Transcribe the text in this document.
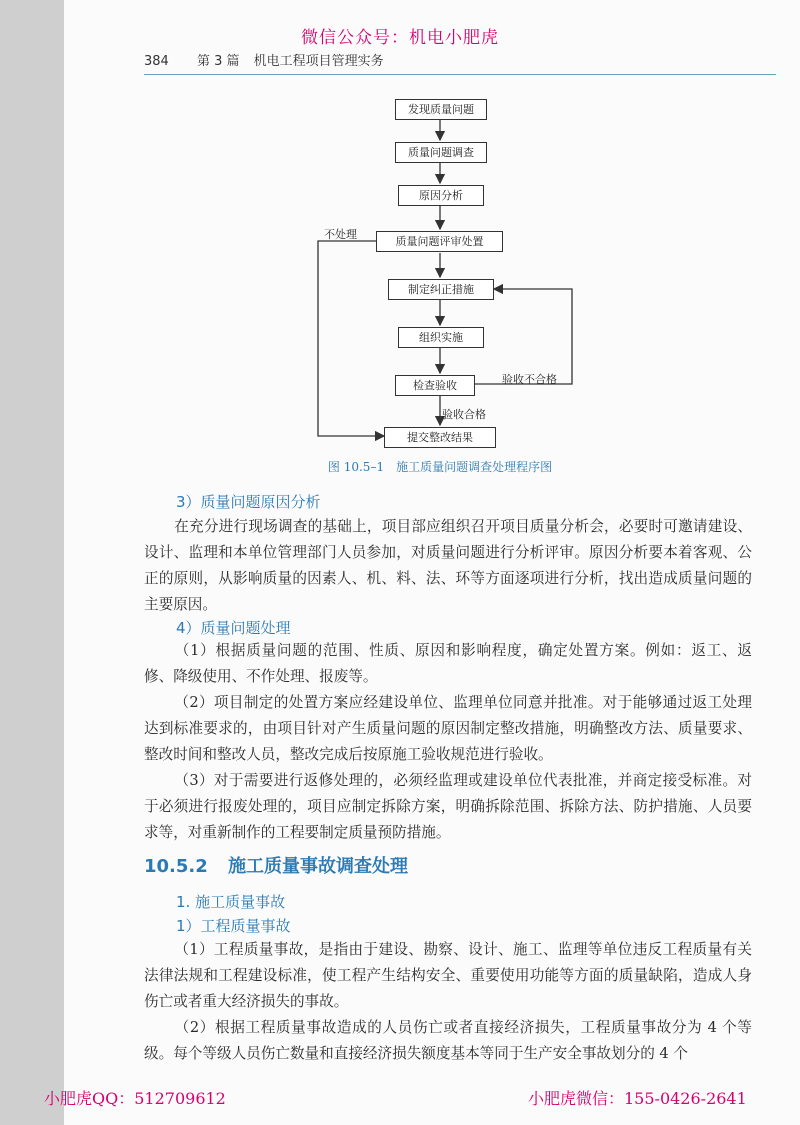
微信公众号：机电小肥虎
384 第 3 篇 机电工程项目管理实务
发现质量问题
质量问题调查
原因分析
质量问题评审处置
制定纠正措施
组织实施
检查验收
提交整改结果
不处理
验收不合格
验收合格
图 10.5–1　施工质量问题调查处理程序图
3）质量问题原因分析
在充分进行现场调查的基础上，项目部应组织召开项目质量分析会，必要时可邀请建设、设计、监理和本单位管理部门人员参加，对质量问题进行分析评审。原因分析要本着客观、公正的原则，从影响质量的因素人、机、料、法、环等方面逐项进行分析，找出造成质量问题的主要原因。
4）质量问题处理
（1）根据质量问题的范围、性质、原因和影响程度，确定处置方案。例如：返工、返修、降级使用、不作处理、报废等。
（2）项目制定的处置方案应经建设单位、监理单位同意并批准。对于能够通过返工处理达到标准要求的，由项目针对产生质量问题的原因制定整改措施，明确整改方法、质量要求、整改时间和整改人员，整改完成后按原施工验收规范进行验收。
（3）对于需要进行返修处理的，必须经监理或建设单位代表批准，并商定接受标准。对于必须进行报废处理的，项目应制定拆除方案，明确拆除范围、拆除方法、防护措施、人员要求等，对重新制作的工程要制定质量预防措施。
10.5.2 施工质量事故调查处理
1. 施工质量事故
1）工程质量事故
（1）工程质量事故，是指由于建设、勘察、设计、施工、监理等单位违反工程质量有关法律法规和工程建设标准，使工程产生结构安全、重要使用功能等方面的质量缺陷，造成人身伤亡或者重大经济损失的事故。
（2）根据工程质量事故造成的人员伤亡或者直接经济损失，工程质量事故分为 4 个等级。每个等级人员伤亡数量和直接经济损失额度基本等同于生产安全事故划分的 4 个
小肥虎QQ：512709612	小肥虎微信：155-0426-2641
